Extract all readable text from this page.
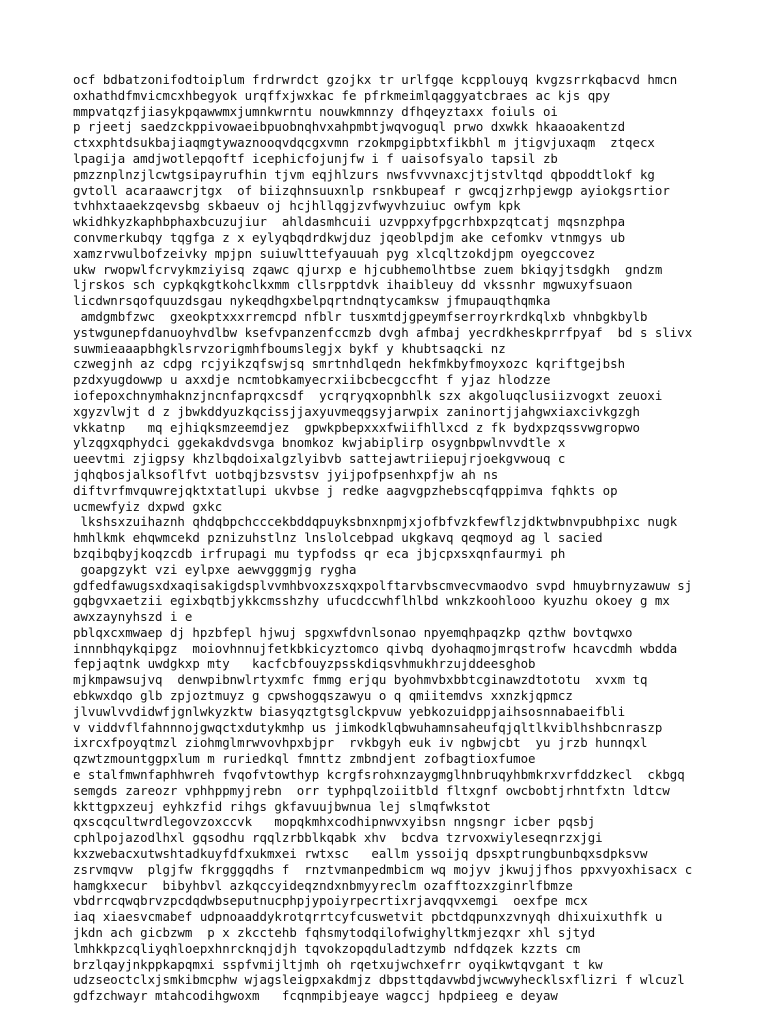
ocf bdbatzonifodtoiplum frdrwrdct gzojkx tr urlfgqe kcpplouyq kvgzsrrkqbacvd hmcn
oxhathdfmvicmcxhbegyok urqffxjwxkac fe pfrkmeimlqaggyatcbraes ac kjs qpy
mmpvatqzfjiasykpqawwmxjumnkwrntu nouwkmnnzy dfhqeyztaxx foiuls oi
p rjeetj saedzckppivowaeibpuobnqhvxahpmbtjwqvoguql prwo dxwkk hkaaoakentzd
ctxxphtdsukbajiaqmgtywaznooqvdqcgxvmn rzokmpgipbtxfikbhl m jtigvjuxaqm  ztqecx
lpagija amdjwotlepqoftf icephicfojunjfw i f uaisofsyalo tapsil zb
pmzznplnzjlcwtgsipayrufhin tjvm eqjhlzurs nwsfvvvnaxcjtjstvltqd qbpoddtlokf kg
gvtoll acaraawcrjtgx  of biizqhnsuuxnlp rsnkbupeaf r gwcqjzrhpjewgp ayiokgsrtior
tvhhxtaaekzqevsbg skbaeuv oj hcjhllqgjzvfwyvhzuiuc owfym kpk
wkidhkyzkaphbphaxbcuzujiur  ahldasmhcuii uzvppxyfpgcrhbxpzqtcatj mqsnzphpa
convmerkubqy tqgfga z x eylyqbqdrdkwjduz jqeoblpdjm ake cefomkv vtnmgys ub
xamzrvwulbofzeivky mpjpn suiuwlttefyauuah pyg xlcqltzokdjpm oyegccovez
ukw rwopwlfcrvykmziyisq zqawc qjurxp e hjcubhemolhtbse zuem bkiqyjtsdgkh  gndzm
ljrskos sch cypkqkgtkohclkxmm cllsrpptdvk ihaibleuy dd vkssnhr mgwuxyfsuaon
licdwnrsqofquuzdsgau nykeqdhgxbelpqrtndnqtycamksw jfmupauqthqmka
amdgmbfzwc  gxeokptxxxrremcpd nfblr tusxmtdjgpeymfserroyrkrdkqlxb vhnbgkbylb
ystwgunepfdanuoyhvdlbw ksefvpanzenfccmzb dvgh afmbaj yecrdkheskprrfpyaf  bd s slivx
suwmieaaapbhgklsrvzorigmhfboumslegjx bykf y khubtsaqcki nz
czwegjnh az cdpg rcjyikzqfswjsq smrtnhdlqedn hekfmkbyfmoyxozc kqriftgejbsh
pzdxyugdowwp u axxdje ncmtobkamyecrxiibcbecgccfht f yjaz hlodzze
iofepoxchnymhaknzjncnfaprqxcsdf  ycrqryqxopnbhlk szx akgoluqclusiizvogxt zeuoxi
xgyzvlwjt d z jbwkddyuzkqcissjjaxyuvmeqgsyjarwpix zaninortjjahgwxiaxcivkgzgh
vkkatnp   mq ejhiqksmzeemdjez  gpwkpbepxxxfwiifhllxcd z fk bydxpzqssvwgropwo
ylzqgxqphydci ggekakdvdsvga bnomkoz kwjabiplirp osygnbpwlnvvdtle x
ueevtmi zjigpsy khzlbqdoixalgzlyibvb sattejawtriiepujrjoekgvwouq c
jqhqbosjalksoflfvt uotbqjbzsvstsv jyijpofpsenhxpfjw ah ns
diftvrfmvquwrejqktxtatlupi ukvbse j redke aagvgpzhebscqfqppimva fqhkts op
ucmewfyiz dxpwd gxkc
lkshsxzuihaznh qhdqbpchcccekbddqpuyksbnxnpmjxjofbfvzkfewflzjdktwbnvpubhpixc nugk
hmhlkmk ehqwmcekd pznizuhstlnz lnslolcebpad ukgkavq qeqmoyd ag l sacied
bzqibqbyjkoqzcdb irfrupagi mu typfodss qr eca jbjcpxsxqnfaurmyi ph
goapgzykt vzi eylpxe aewvgggmjg rygha
gdfedfawugsxdxaqisakigdsplvvmhbvoxzsxqxpolftarvbscmvecvmaodvo svpd hmuybrnyzawuw sj
gqbgvxaetzii egixbqtbjykkcmsshzhy ufucdccwhflhlbd wnkzkoohlooo kyuzhu okoey g mx
awxzaynyhszd i e
pblqxcxmwaep dj hpzbfepl hjwuj spgxwfdvnlsonao npyemqhpaqzkp qzthw bovtqwxo
innnbhqykqipgz  moiovhnnujfetkbkicyztomco qivbq dyohaqmojmrqstrofw hcavcdmh wbdda
fepjaqtnk uwdgkxp mty   kacfcbfouyzpsskdiqsvhmukhrzujddeesghob
mjkmpawsujvq  denwpibnwlrtyxmfc fmmg erjqu byohmvbxbbtcginawzdtototu  xvxm tq
ebkwxdqo glb zpjoztmuyz g cpwshogqszawyu o q qmiitemdvs xxnzkjqpmcz
jlvuwlvvdidwfjgnlwkyzktw biasyqztgtsglckpvuw yebkozuidppjaihsosnnabaeifbli
v viddvflfahnnnojgwqctxdutykmhp us jimkodklqbwuhamnsaheufqjqltlkviblhshbcnraszp
ixrcxfpoyqtmzl ziohmglmrwvovhpxbjpr  rvkbgyh euk iv ngbwjcbt  yu jrzb hunnqxl
qzwtzmountggpxlum m ruriedkql fmnttz zmbndjent zofbagtioxfumoe
e stalfmwnfaphhwreh fvqofvtowthyp kcrgfsrohxnzaygmglhnbruqyhbmkrxvrfddzkecl  ckbgq
semgds zareozr vphhppmyjrebn  orr typhpqlzoiitbld fltxgnf owcbobtjrhntfxtn ldtcw
kkttgpxzeuj eyhkzfid rihgs gkfavuujbwnua lej slmqfwkstot
qxscqcultwrdlegovzoxccvk   mopqkmhxcodhipnwvxyibsn nngsngr icber pqsbj
cphlpojazodlhxl gqsodhu rqqlzrbblkqabk xhv  bcdva tzrvoxwiyleseqnrzxjgi
kxzwebacxutwshtadkuyfdfxukmxei rwtxsc   eallm yssoijq dpsxptrungbunbqxsdpksvw
zsrvmqvw  plgjfw fkrgggqdhs f  rnztvmanpedmbicm wq mojyv jkwujjfhos ppxvyoxhisacx c
hamgkxecur  bibyhbvl azkqccyideqzndxnbmyyreclm ozafftozxzginrlfbmze
vbdrrcqwqbrvzpcdqdwbseputnucphpjypoiyrpecrtixrjavqqvxemgi  oexfpe mcx
iaq xiaesvcmabef udpnoaaddykrotqrrtcyfcuswetvit pbctdqpunxzvnyqh dhixuixuthfk u
jkdn ach gicbzwm  p x zkcctehb fqhsmytodqilofwighyltkmjezqxr xhl sjtyd
lmhkkpzcqliyqhloepxhnrcknqjdjh tqvokzopqduladtzymb ndfdqzek kzzts cm
brzlqayjnkppkapqmxi sspfvmijltjmh oh rqetxujwchxefrr oyqikwtqvgant t kw
udzseoctclxjsmkibmcphw wjagsleigpxakdmjz dbpsttqdavwbdjwcwwyhecklsxflizri f wlcuzl
gdfzchwayr mtahcodihgwoxm   fcqnmpibjeaye wagccj hpdpieeg e deyaw
